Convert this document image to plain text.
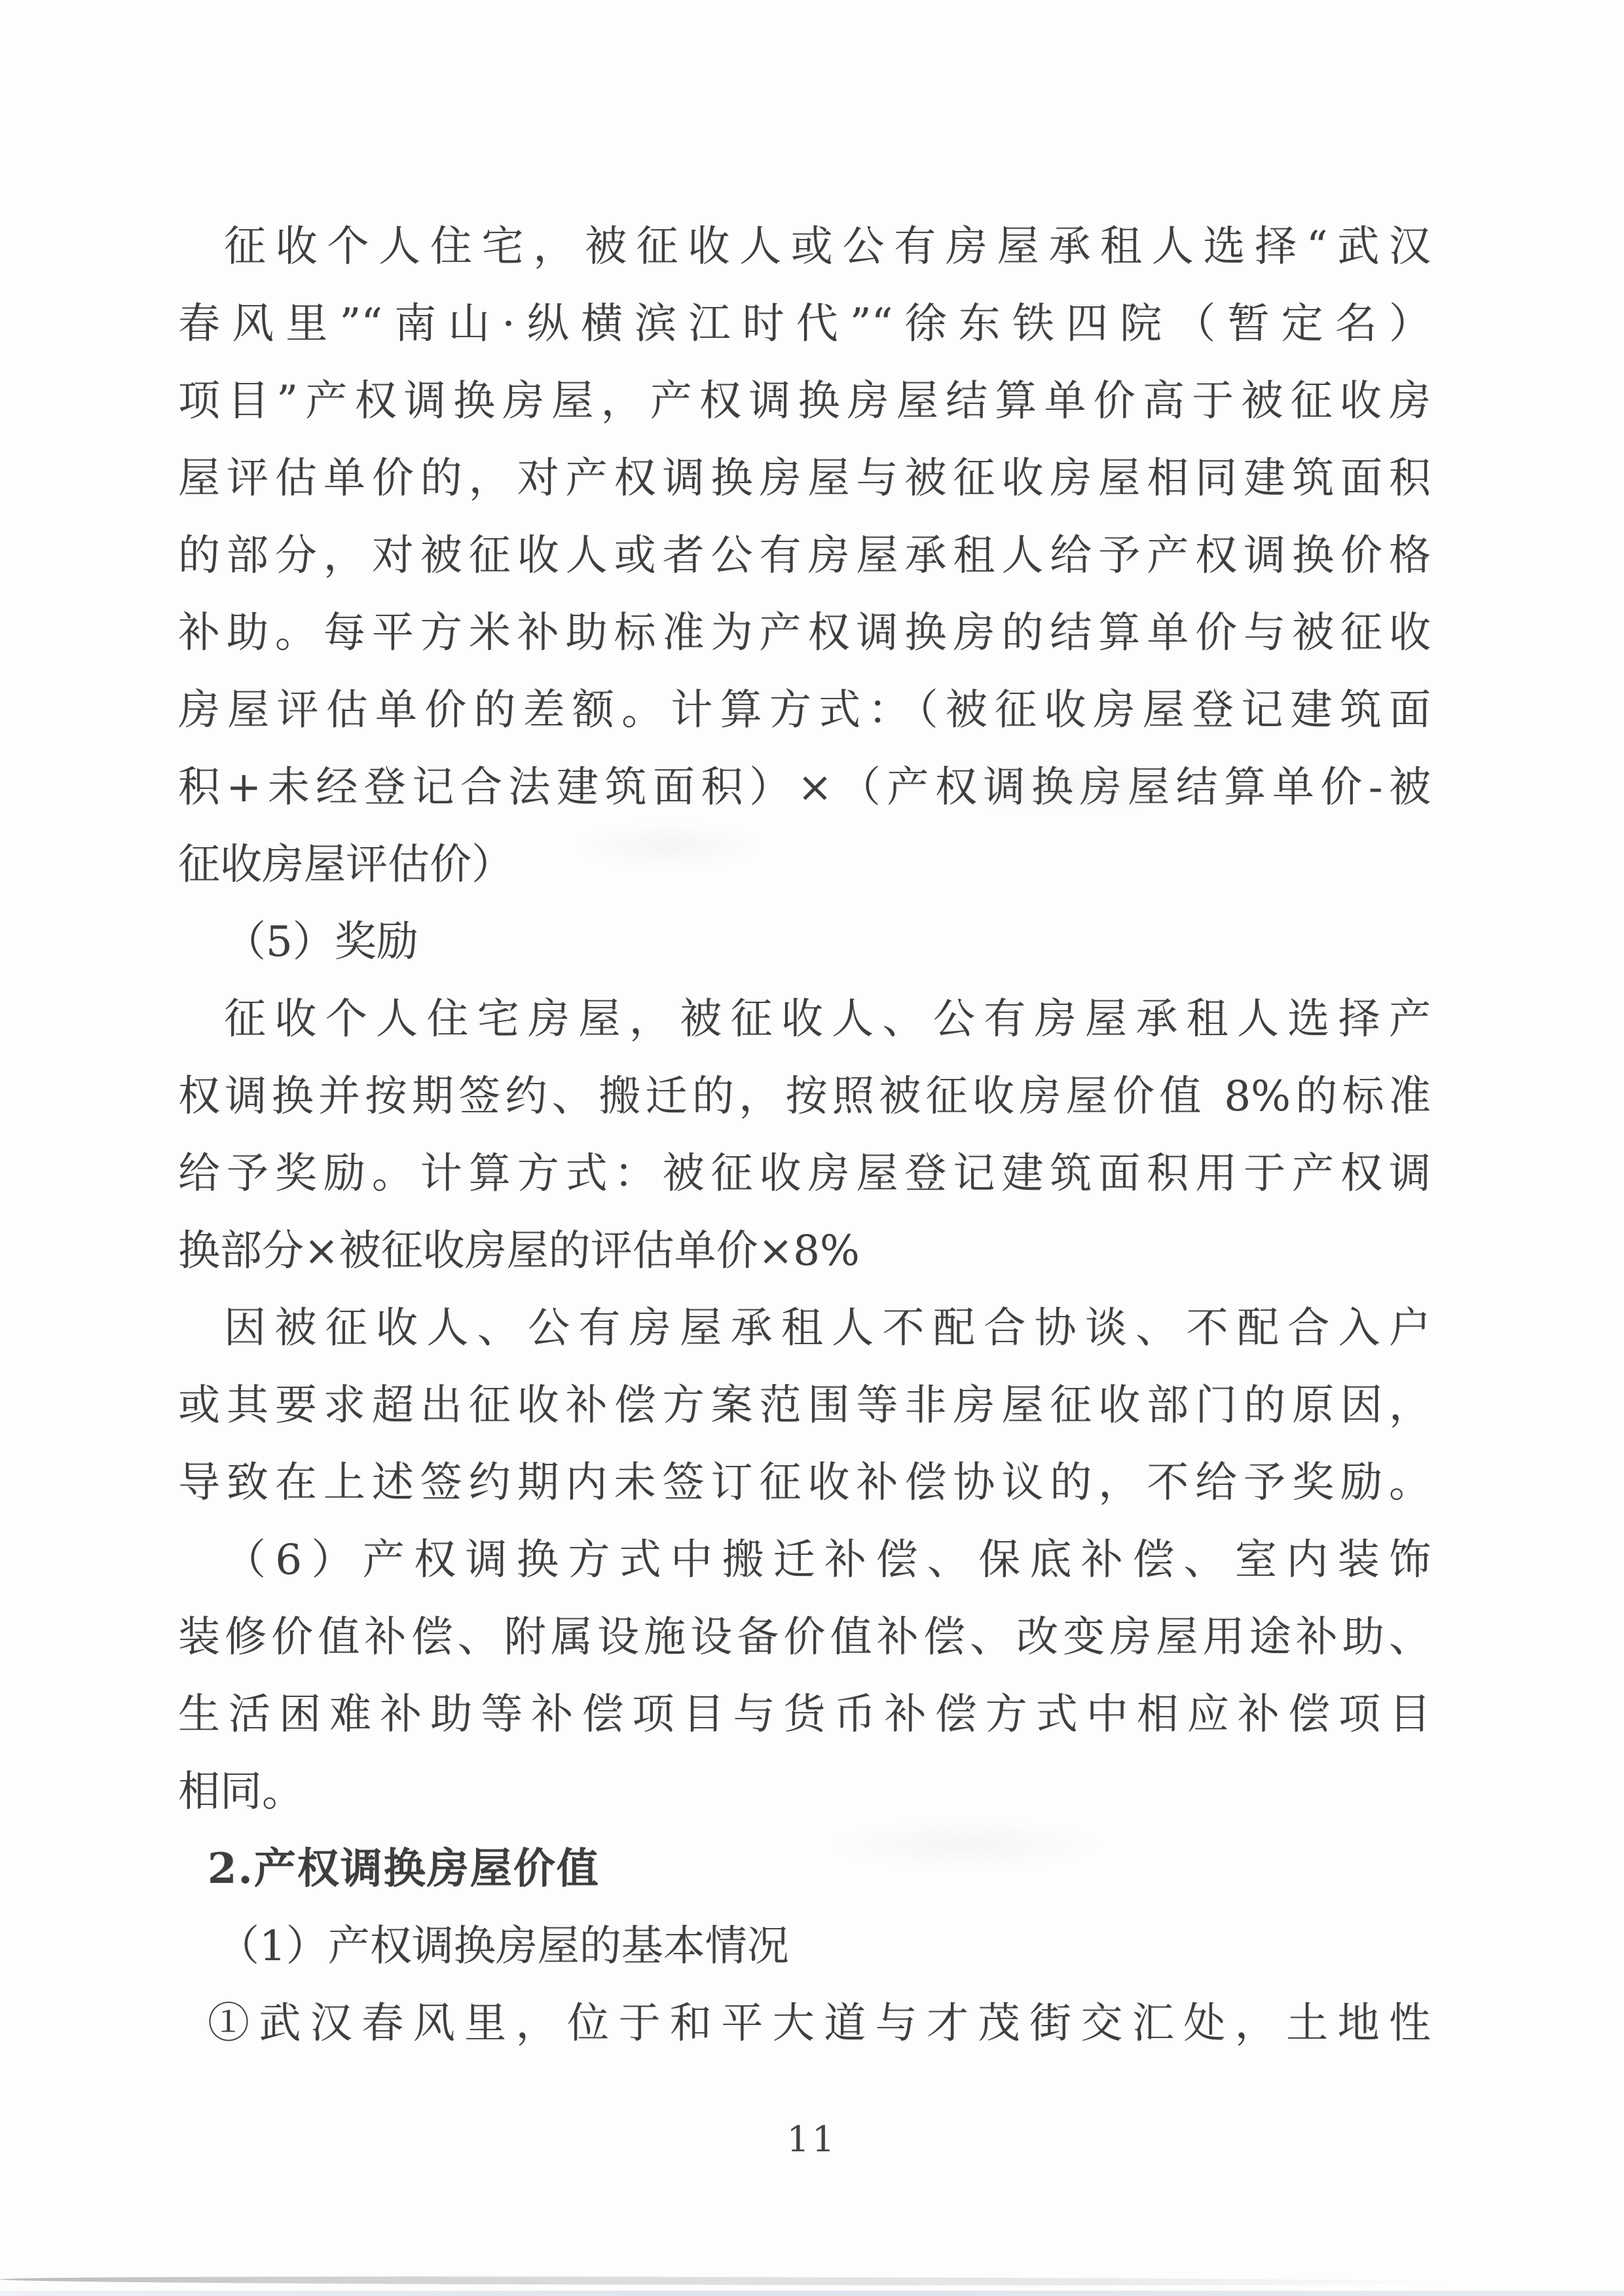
征收个人住宅，被征收人或公有房屋承租人选择“武汉

春风里”“南山·纵横滨江时代”“徐东铁四院（暂定名）

项目”产权调换房屋，产权调换房屋结算单价高于被征收房

屋评估单价的，对产权调换房屋与被征收房屋相同建筑面积

的部分，对被征收人或者公有房屋承租人给予产权调换价格

补助。每平方米补助标准为产权调换房的结算单价与被征收

房屋评估单价的差额。计算方式：（被征收房屋登记建筑面

积+未经登记合法建筑面积）×（产权调换房屋结算单价-被

征收房屋评估价）

（5）奖励

征收个人住宅房屋，被征收人、公有房屋承租人选择产

权调换并按期签约、搬迁的，按照被征收房屋价值 8%的标准

给予奖励。计算方式：被征收房屋登记建筑面积用于产权调

换部分×被征收房屋的评估单价×8%

因被征收人、公有房屋承租人不配合协谈、不配合入户

或其要求超出征收补偿方案范围等非房屋征收部门的原因，

导致在上述签约期内未签订征收补偿协议的，不给予奖励。

（6）产权调换方式中搬迁补偿、保底补偿、室内装饰

装修价值补偿、附属设施设备价值补偿、改变房屋用途补助、

生活困难补助等补偿项目与货币补偿方式中相应补偿项目

相同。

2.产权调换房屋价值

（1）产权调换房屋的基本情况

①武汉春风里，位于和平大道与才茂街交汇处，土地性

11
